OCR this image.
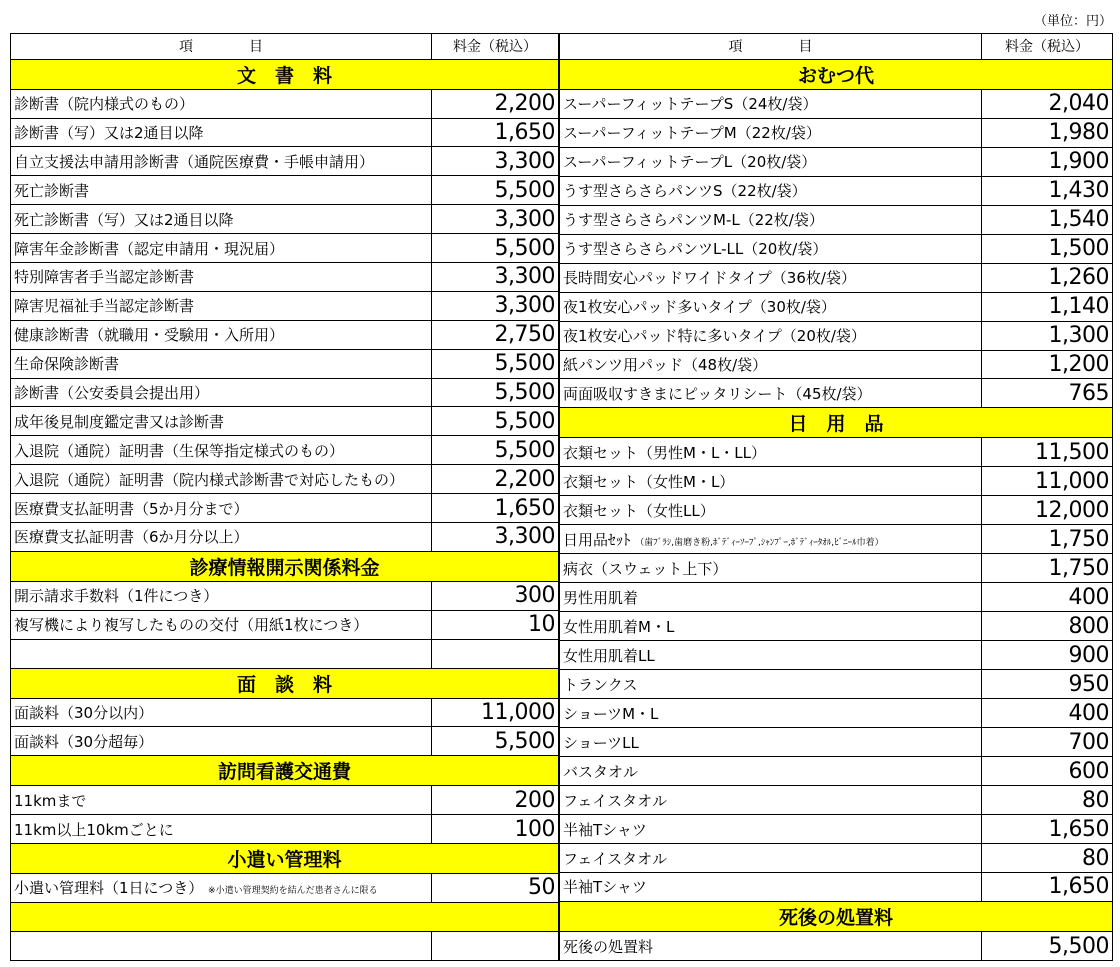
（単位：円）
項　　　　目	料金（税込）
文　書　料	
診断書（院内様式のもの）	2,200
診断書（写）又は2通目以降	1,650
自立支援法申請用診断書（通院医療費・手帳申請用）	3,300
死亡診断書	5,500
死亡診断書（写）又は2通目以降	3,300
障害年金診断書（認定申請用・現況届）	5,500
特別障害者手当認定診断書	3,300
障害児福祉手当認定診断書	3,300
健康診断書（就職用・受験用・入所用）	2,750
生命保険診断書	5,500
診断書（公安委員会提出用）	5,500
成年後見制度鑑定書又は診断書	5,500
入退院（通院）証明書（生保等指定様式のもの）	5,500
入退院（通院）証明書（院内様式診断書で対応したもの）	2,200
医療費支払証明書（5か月分まで）	1,650
医療費支払証明書（6か月分以上）	3,300
診療情報開示関係料金	
開示請求手数料（1件につき）	300
複写機により複写したものの交付（用紙1枚につき）	10

面　談　料	
面談料（30分以内）	11,000
面談料（30分超毎）	5,500
訪問看護交通費	
11kmまで	200
11km以上10kmごとに	100
小遣い管理料	
小遣い管理料（1日につき） ※小遣い管理契約を結んだ患者さんに限る	50

項　　　　目	料金（税込）
おむつ代	
スーパーフィットテープS（24枚/袋）	2,040
スーパーフィットテープM（22枚/袋）	1,980
スーパーフィットテープL（20枚/袋）	1,900
うす型さらさらパンツS（22枚/袋）	1,430
うす型さらさらパンツM-L（22枚/袋）	1,540
うす型さらさらパンツL-LL（20枚/袋）	1,500
長時間安心パッドワイドタイプ（36枚/袋）	1,260
夜1枚安心パッド多いタイプ（30枚/袋）	1,140
夜1枚安心パッド特に多いタイプ（20枚/袋）	1,300
紙パンツ用パッド（48枚/袋）	1,200
両面吸収すきまにピッタリシート（45枚/袋）	765
日　用　品	
衣類セット（男性M・L・LL）	11,500
衣類セット（女性M・L）	11,000
衣類セット（女性LL）	12,000
日用品ｾｯﾄ （歯ﾌﾞﾗｼ,歯磨き粉,ﾎﾞﾃﾞｨｰｿｰﾌﾟ,ｼｬﾝﾌﾟｰ,ﾎﾞﾃﾞｨｰﾀｵﾙ,ﾋﾞﾆｰﾙ巾着）	1,750
病衣（スウェット上下）	1,750
男性用肌着	400
女性用肌着M・L	800
女性用肌着LL	900
トランクス	950
ショーツM・L	400
ショーツLL	700
バスタオル	600
フェイスタオル	80
半袖Tシャツ	1,650
フェイスタオル	80
半袖Tシャツ	1,650
死後の処置料	
死後の処置料	5,500
